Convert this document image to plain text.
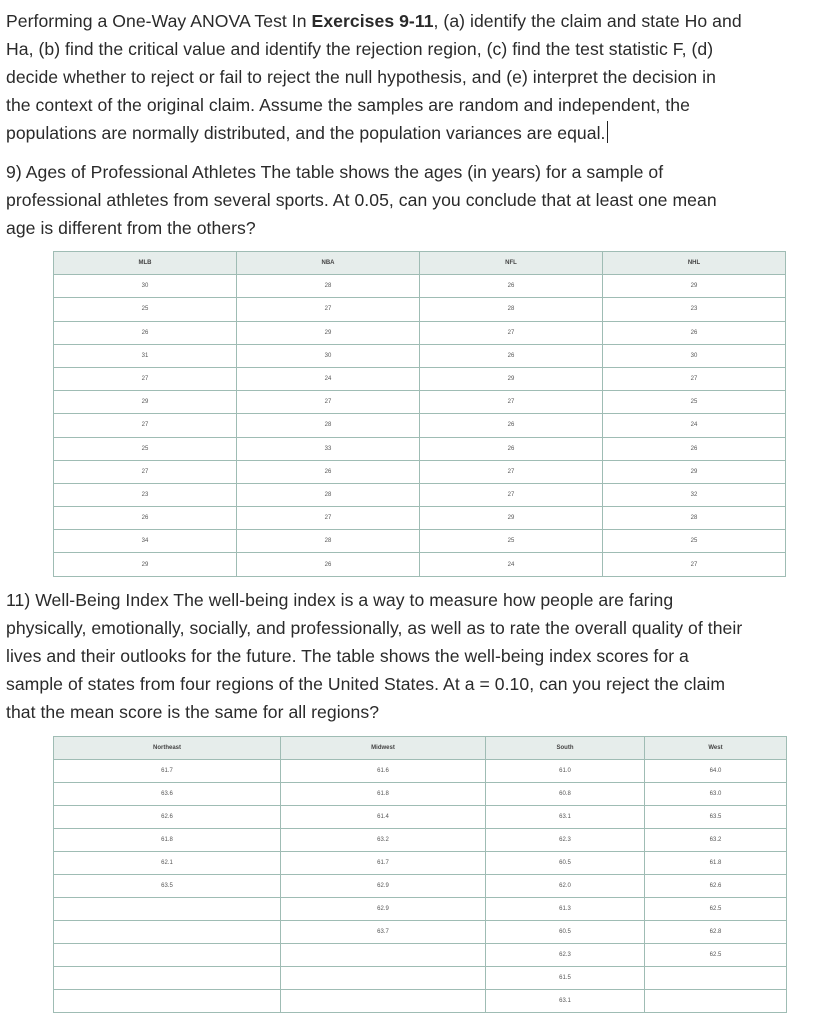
Performing a One-Way ANOVA Test In Exercises 9-11, (a) identify the claim and state Ho and
Ha, (b) find the critical value and identify the rejection region, (c) find the test statistic F, (d)
decide whether to reject or fail to reject the null hypothesis, and (e) interpret the decision in
the context of the original claim. Assume the samples are random and independent, the
populations are normally distributed, and the population variances are equal.
9) Ages of Professional Athletes The table shows the ages (in years) for a sample of
professional athletes from several sports. At 0.05, can you conclude that at least one mean
age is different from the others?
MLB	NBA	NFL	NHL
30	28	26	29
25	27	28	23
26	29	27	26
31	30	26	30
27	24	29	27
29	27	27	25
27	28	26	24
25	33	26	26
27	26	27	29
23	28	27	32
26	27	29	28
34	28	25	25
29	26	24	27
11) Well-Being Index The well-being index is a way to measure how people are faring
physically, emotionally, socially, and professionally, as well as to rate the overall quality of their
lives and their outlooks for the future. The table shows the well-being index scores for a
sample of states from four regions of the United States. At a = 0.10, can you reject the claim
that the mean score is the same for all regions?
Northeast	Midwest	South	West
61.7	61.6	61.0	64.0
63.6	61.8	60.8	63.0
62.6	61.4	63.1	63.5
61.8	63.2	62.3	63.2
62.1	61.7	60.5	61.8
63.5	62.9	62.0	62.6
	62.9	61.3	62.5
	63.7	60.5	62.8
		62.3	62.5
		61.5	
		63.1	
